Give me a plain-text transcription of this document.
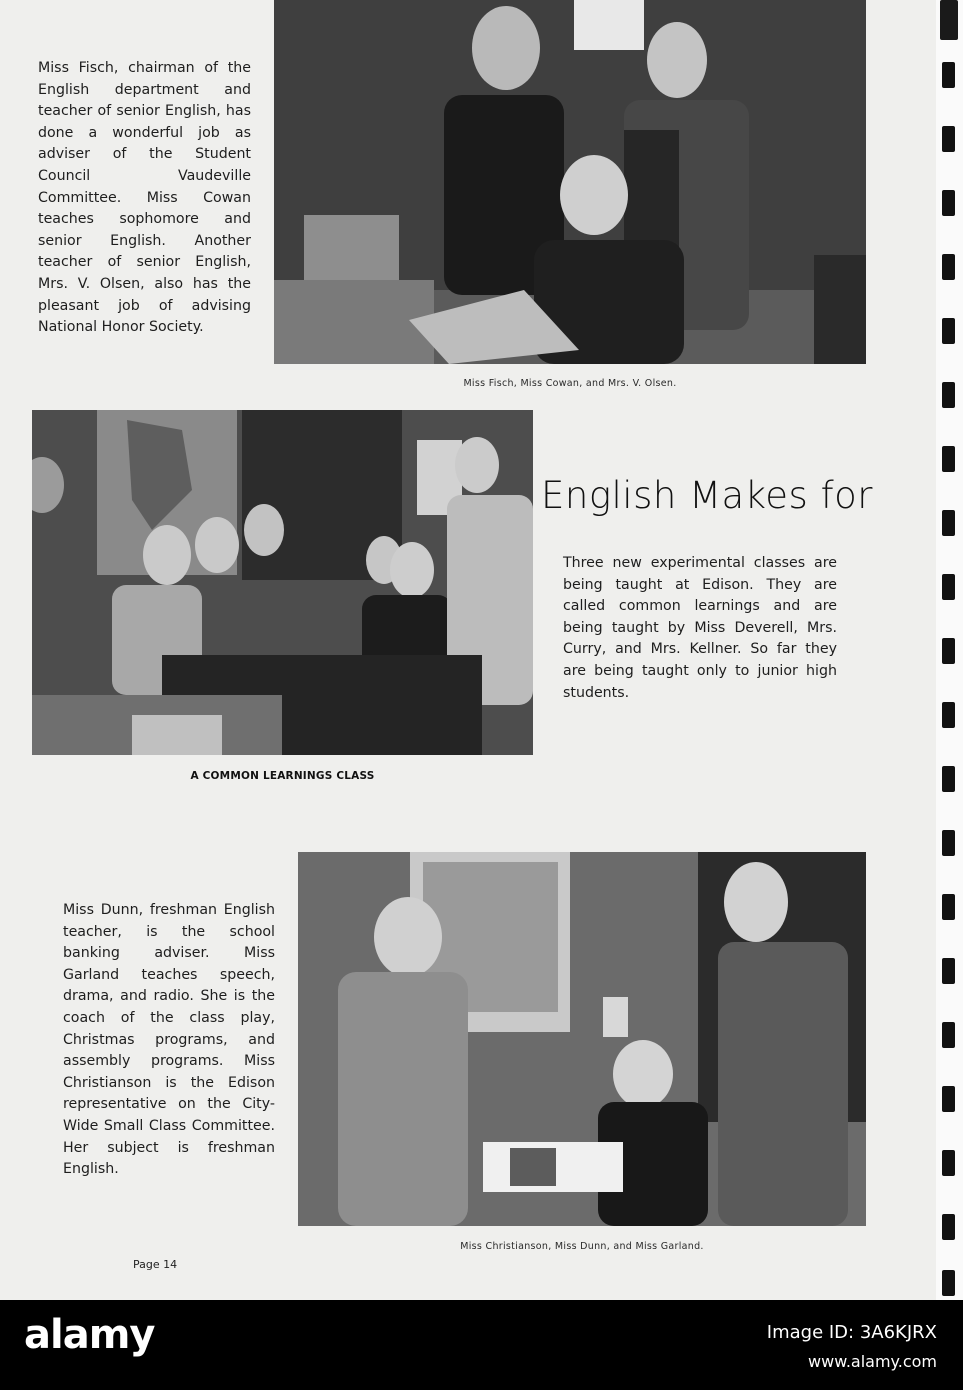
Miss Fisch, chairman of the English department and teacher of senior English, has done a wonderful job as adviser of the Student Council Vaudeville Committee. Miss Cowan teaches sophomore and senior English. Another teacher of senior English, Mrs. V. Olsen, also has the pleasant job of advising National Honor Society.

Miss Fisch, Miss Cowan, and Mrs. V. Olsen.

A COMMON LEARNINGS CLASS

English Makes for

Three new experimental classes are being taught at Edison. They are called common learnings and are being taught by Miss Deverell, Mrs. Curry, and Mrs. Kellner. So far they are being taught only to junior high students.

Miss Dunn, freshman English teacher, is the school banking adviser. Miss Garland teaches speech, drama, and radio. She is the coach of the class play, Christmas programs, and assembly programs. Miss Christianson is the Edison representative on the City-Wide Small Class Committee. Her subject is freshman English.

Miss Christianson, Miss Dunn, and Miss Garland.

Page 14

alamy	Image ID: 3A6KJRX

www.alamy.com
